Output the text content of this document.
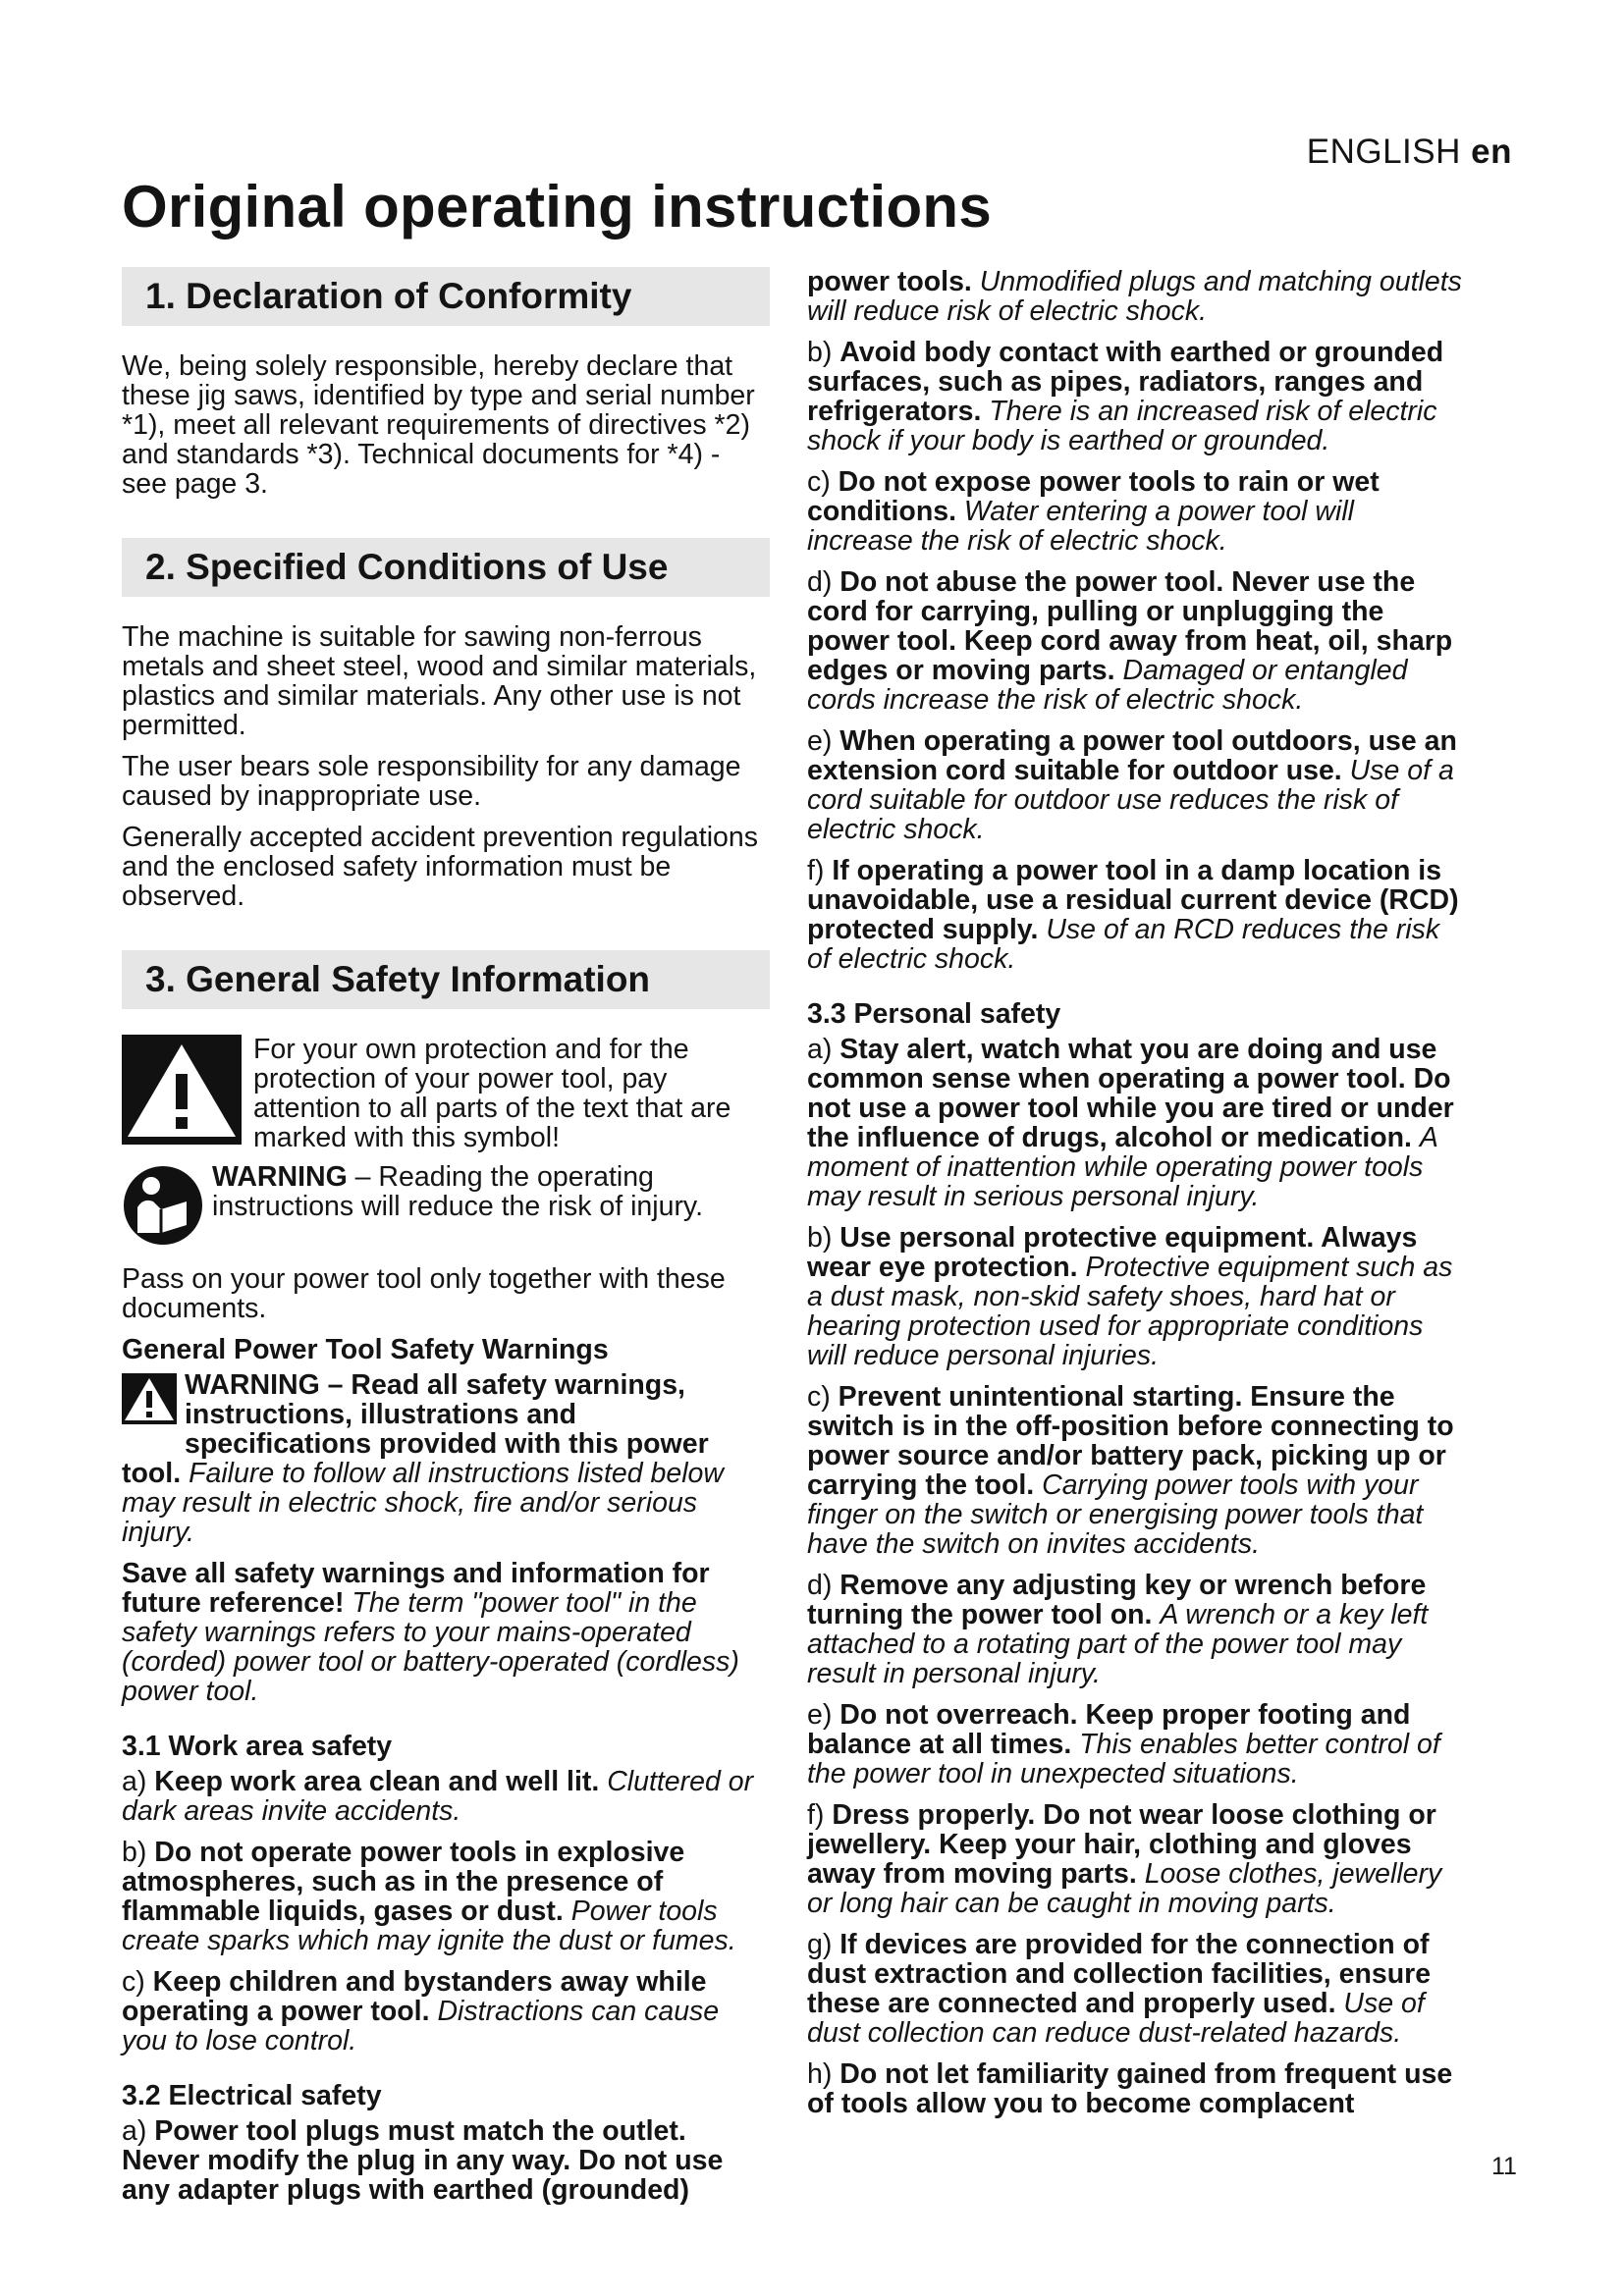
ENGLISH en
Original operating instructions
1. Declaration of Conformity

We, being solely responsible, hereby declare that these jig saws, identified by type and serial number *1), meet all relevant requirements of directives *2) and standards *3). Technical documents for *4) - see page 3.

2. Specified Conditions of Use

The machine is suitable for sawing non-ferrous metals and sheet steel, wood and similar materials, plastics and similar materials. Any other use is not permitted.

The user bears sole responsibility for any damage caused by inappropriate use.

Generally accepted accident prevention regulations and the enclosed safety information must be observed.

3. General Safety Information
For your own protection and for the protection of your power tool, pay attention to all parts of the text that are marked with this symbol!
WARNING – Reading the operating instructions will reduce the risk of injury.

Pass on your power tool only together with these documents.

General Power Tool Safety Warnings

WARNING – Read all safety warnings, instructions, illustrations and specifications provided with this power tool. Failure to follow all instructions listed below may result in electric shock, fire and/or serious injury.

Save all safety warnings and information for future reference! The term "power tool" in the safety warnings refers to your mains-operated (corded) power tool or battery-operated (cordless) power tool.

3.1 Work area safety

a) Keep work area clean and well lit. Cluttered or dark areas invite accidents.

b) Do not operate power tools in explosive atmospheres, such as in the presence of flammable liquids, gases or dust. Power tools create sparks which may ignite the dust or fumes.

c) Keep children and bystanders away while operating a power tool. Distractions can cause you to lose control.

3.2 Electrical safety

a) Power tool plugs must match the outlet. Never modify the plug in any way. Do not use any adapter plugs with earthed (grounded)

power tools. Unmodified plugs and matching outlets will reduce risk of electric shock.

b) Avoid body contact with earthed or grounded surfaces, such as pipes, radiators, ranges and refrigerators. There is an increased risk of electric shock if your body is earthed or grounded.

c) Do not expose power tools to rain or wet conditions. Water entering a power tool will increase the risk of electric shock.

d) Do not abuse the power tool. Never use the cord for carrying, pulling or unplugging the power tool. Keep cord away from heat, oil, sharp edges or moving parts. Damaged or entangled cords increase the risk of electric shock.

e) When operating a power tool outdoors, use an extension cord suitable for outdoor use. Use of a cord suitable for outdoor use reduces the risk of electric shock.

f) If operating a power tool in a damp location is unavoidable, use a residual current device (RCD) protected supply. Use of an RCD reduces the risk of electric shock.

3.3 Personal safety

a) Stay alert, watch what you are doing and use common sense when operating a power tool. Do not use a power tool while you are tired or under the influence of drugs, alcohol or medication. A moment of inattention while operating power tools may result in serious personal injury.

b) Use personal protective equipment. Always wear eye protection. Protective equipment such as a dust mask, non-skid safety shoes, hard hat or hearing protection used for appropriate conditions will reduce personal injuries.

c) Prevent unintentional starting. Ensure the switch is in the off-position before connecting to power source and/or battery pack, picking up or carrying the tool. Carrying power tools with your finger on the switch or energising power tools that have the switch on invites accidents.

d) Remove any adjusting key or wrench before turning the power tool on. A wrench or a key left attached to a rotating part of the power tool may result in personal injury.

e) Do not overreach. Keep proper footing and balance at all times. This enables better control of the power tool in unexpected situations.

f) Dress properly. Do not wear loose clothing or jewellery. Keep your hair, clothing and gloves away from moving parts. Loose clothes, jewellery or long hair can be caught in moving parts.

g) If devices are provided for the connection of dust extraction and collection facilities, ensure these are connected and properly used. Use of dust collection can reduce dust-related hazards.

h) Do not let familiarity gained from frequent use of tools allow you to become complacent

11
